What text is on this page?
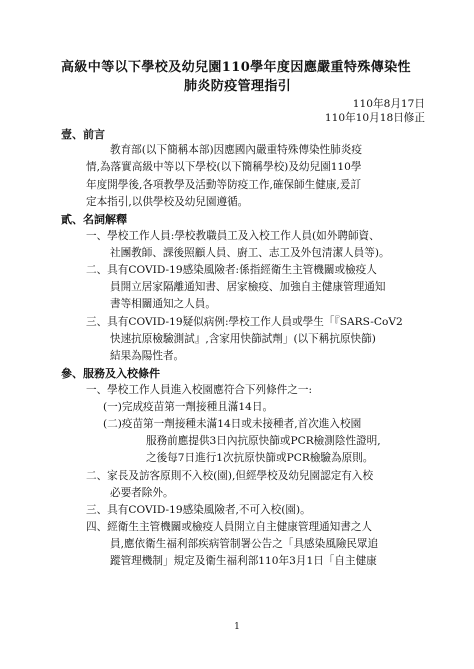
高級中等以下學校及幼兒園110學年度因應嚴重特殊傳染性
肺炎防疫管理指引
110年8月17日
110年10月18日修正
壹、前言
教育部(以下簡稱本部)因應國內嚴重特殊傳染性肺炎疫
情,為落實高級中等以下學校(以下簡稱學校)及幼兒園110學
年度開學後,各項教學及活動等防疫工作,確保師生健康,爰訂
定本指引,以供學校及幼兒園遵循。
貳、名詞解釋
一、學校工作人員:學校教職員工及入校工作人員(如外聘師資、
社團教師、課後照顧人員、廚工、志工及外包清潔人員等)。
二、具有COVID-19感染風險者:係指經衛生主管機關或檢疫人
員開立居家隔離通知書、居家檢疫、加強自主健康管理通知
書等相關通知之人員。
三、具有COVID-19疑似病例:學校工作人員或學生「『SARS-CoV2
快速抗原檢驗測試』,含家用快篩試劑」(以下稱抗原快篩)
結果為陽性者。
參、服務及入校條件
一、學校工作人員進入校園應符合下列條件之一:
(一)完成疫苗第一劑接種且滿14日。
(二)疫苗第一劑接種未滿14日或未接種者,首次進入校園
服務前應提供3日內抗原快篩或PCR檢測陰性證明,
之後每7日進行1次抗原快篩或PCR檢驗為原則。
二、家長及訪客原則不入校(園),但經學校及幼兒園認定有入校
必要者除外。
三、具有COVID-19感染風險者,不可入校(園)。
四、經衛生主管機關或檢疫人員開立自主健康管理通知書之人
員,應依衛生福利部疾病管制署公告之「具感染風險民眾追
蹤管理機制」規定及衛生福利部110年3月1日「自主健康
1
